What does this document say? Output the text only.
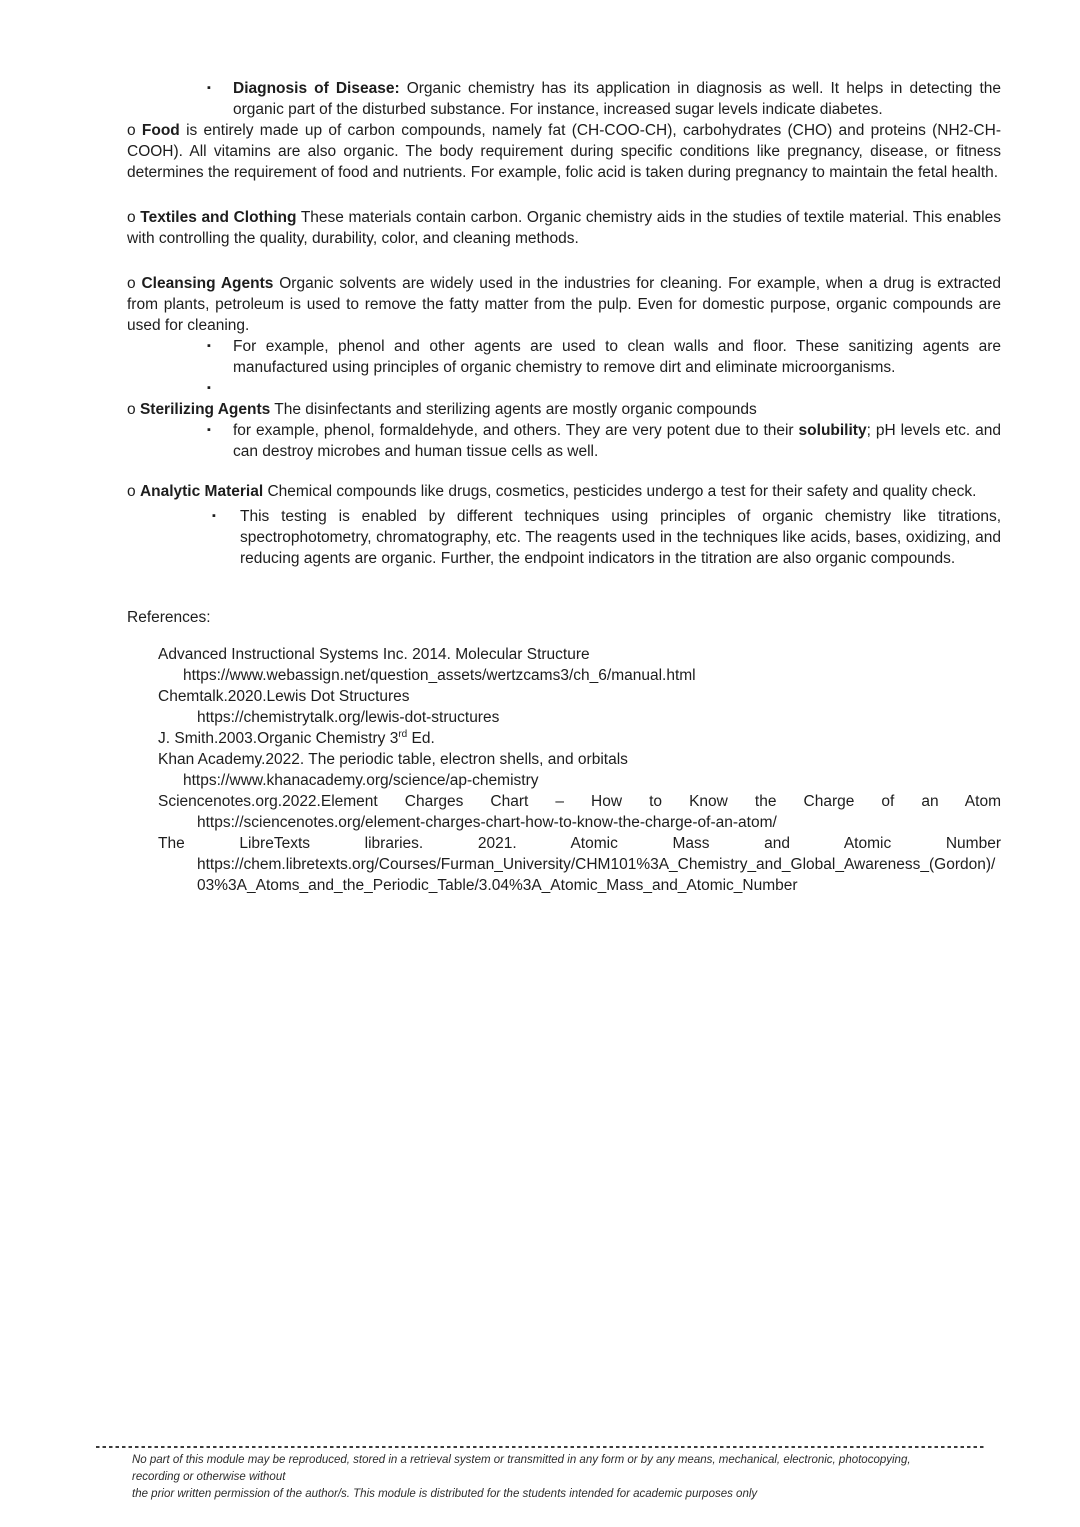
▪	Diagnosis of Disease: Organic chemistry has its application in diagnosis as well. It helps in detecting the organic part of the disturbed substance. For instance, increased sugar levels indicate diabetes.

o Food is entirely made up of carbon compounds, namely fat (CH-COO-CH), carbohydrates (CHO) and proteins (NH2-CH-COOH). All vitamins are also organic. The body requirement during specific conditions like pregnancy, disease, or fitness determines the requirement of food and nutrients. For example, folic acid is taken during pregnancy to maintain the fetal health.

o Textiles and Clothing These materials contain carbon. Organic chemistry aids in the studies of textile material. This enables with controlling the quality, durability, color, and cleaning methods.

o Cleansing Agents Organic solvents are widely used in the industries for cleaning. For example, when a drug is extracted from plants, petroleum is used to remove the fatty matter from the pulp. Even for domestic purpose, organic compounds are used for cleaning.

▪	For example, phenol and other agents are used to clean walls and floor. These sanitizing agents are manufactured using principles of organic chemistry to remove dirt and eliminate microorganisms.
▪

o Sterilizing Agents The disinfectants and sterilizing agents are mostly organic compounds

▪	for example, phenol, formaldehyde, and others. They are very potent due to their solubility; pH levels etc. and can destroy microbes and human tissue cells as well.

o Analytic Material Chemical compounds like drugs, cosmetics, pesticides undergo a test for their safety and quality check.

▪	This testing is enabled by different techniques using principles of organic chemistry like titrations, spectrophotometry, chromatography, etc. The reagents used in the techniques like acids, bases, oxidizing, and reducing agents are organic. Further, the endpoint indicators in the titration are also organic compounds.

References:

Advanced Instructional Systems Inc. 2014. Molecular Structure

https://www.webassign.net/question_assets/wertzcams3/ch_6/manual.html

Chemtalk.2020.Lewis Dot Structures

https://chemistrytalk.org/lewis-dot-structures

J. Smith.2003.Organic Chemistry 3rd Ed.

Khan Academy.2022. The periodic table, electron shells, and orbitals

https://www.khanacademy.org/science/ap-chemistry

Sciencenotes.org.2022.Element Charges Chart – How to Know the Charge of an Atom

https://sciencenotes.org/element-charges-chart-how-to-know-the-charge-of-an-atom/

The LibreTexts libraries. 2021. Atomic Mass and Atomic Number

https://chem.libretexts.org/Courses/Furman_University/CHM101%3A_Chemistry_and_Global_Awareness_(Gordon)/03%3A_Atoms_and_the_Periodic_Table/3.04%3A_Atomic_Mass_and_Atomic_Number

No part of this module may be reproduced, stored in a retrieval system or transmitted in any form or by any means, mechanical, electronic, photocopying, recording or otherwise without
the prior written permission of the author/s. This module is distributed for the students intended for academic purposes only
